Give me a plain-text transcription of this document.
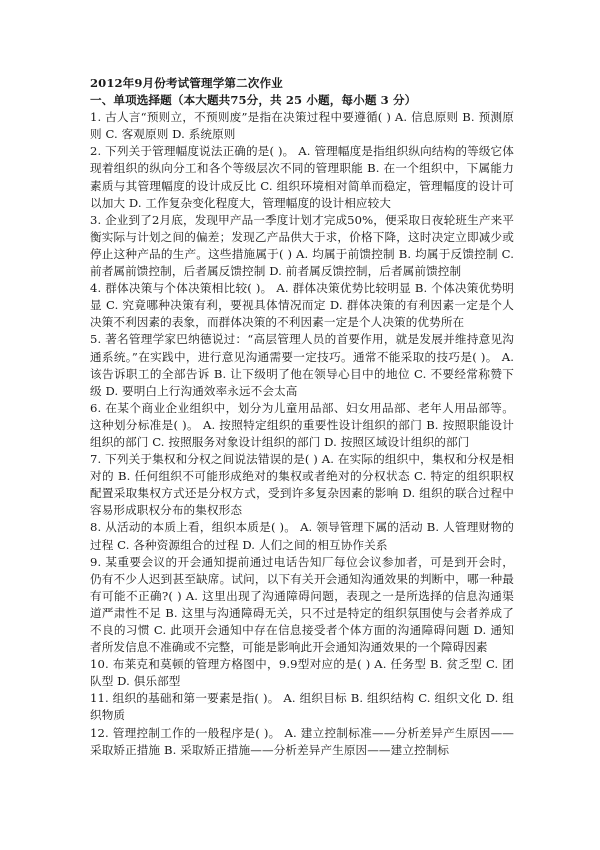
2012年9月份考试管理学第二次作业
一、单项选择题（本大题共75分，共 25 小题，每小题 3 分）

1. 古人言“预则立，不预则废”是指在决策过程中要遵循( ) A. 信息原则 B. 预测原则 C. 客观原则 D. 系统原则

2. 下列关于管理幅度说法正确的是( )。 A. 管理幅度是指组织纵向结构的等级它体现着组织的纵向分工和各个等级层次不同的管理职能 B. 在一个组织中，下属能力素质与其管理幅度的设计成反比 C. 组织环境相对简单而稳定，管理幅度的设计可以加大 D. 工作复杂变化程度大，管理幅度的设计相应较大

3. 企业到了2月底，发现甲产品一季度计划才完成50%，便采取日夜轮班生产来平衡实际与计划之间的偏差；发现乙产品供大于求，价格下降，这时决定立即减少或停止这种产品的生产。这些措施属于( ) A. 均属于前馈控制 B. 均属于反馈控制 C. 前者属前馈控制，后者属反馈控制 D. 前者属反馈控制，后者属前馈控制

4. 群体决策与个体决策相比较( )。 A. 群体决策优势比较明显 B. 个体决策优势明显 C. 究竟哪种决策有利，要视具体情况而定 D. 群体决策的有利因素一定是个人决策不利因素的表象，而群体决策的不利因素一定是个人决策的优势所在

5. 著名管理学家巴纳德说过：“高层管理人员的首要作用，就是发展并维持意见沟通系统。”在实践中，进行意见沟通需要一定技巧。通常不能采取的技巧是( )。 A. 该告诉职工的全部告诉 B. 让下级明了他在领导心目中的地位 C. 不要经常称赞下级 D. 要明白上行沟通效率永远不会太高

6. 在某个商业企业组织中，划分为儿童用品部、妇女用品部、老年人用品部等。这种划分标准是( )。 A. 按照特定组织的重要性设计组织的部门 B. 按照职能设计组织的部门 C. 按照服务对象设计组织的部门 D. 按照区域设计组织的部门

7. 下列关于集权和分权之间说法错误的是( ) A. 在实际的组织中，集权和分权是相对的 B. 任何组织不可能形成绝对的集权或者绝对的分权状态 C. 特定的组织职权配置采取集权方式还是分权方式，受到许多复杂因素的影响 D. 组织的联合过程中容易形成职权分布的集权形态

8. 从活动的本质上看，组织本质是( )。 A. 领导管理下属的活动 B. 人管理财物的过程 C. 各种资源组合的过程 D. 人们之间的相互协作关系

9. 某重要会议的开会通知提前通过电话告知厂每位会议参加者，可是到开会时，仍有不少人迟到甚至缺席。试问，以下有关开会通知沟通效果的判断中，哪一种最有可能不正确?( ) A. 这里出现了沟通障碍问题，表现之一是所选择的信息沟通渠道严肃性不足 B. 这里与沟通障碍无关，只不过是特定的组织氛围使与会者养成了不良的习惯 C. 此项开会通知中存在信息接受者个体方面的沟通障碍问题 D. 通知者所发信息不准确或不完整，可能是影响此开会通知沟通效果的一个障碍因素

10. 布莱克和莫顿的管理方格图中，9.9型对应的是( ) A. 任务型 B. 贫乏型 C. 团队型 D. 俱乐部型

11. 组织的基础和第一要素是指( )。 A. 组织目标 B. 组织结构 C. 组织文化 D. 组织物质

12. 管理控制工作的一般程序是( )。 A. 建立控制标准——分析差异产生原因——采取矫正措施 B. 采取矫正措施——分析差异产生原因——建立控制标
